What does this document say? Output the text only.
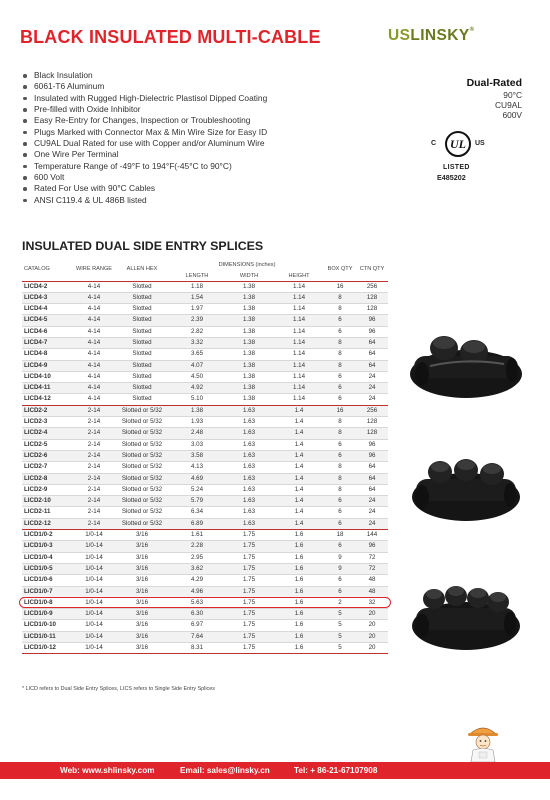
BLACK INSULATED MULTI-CABLE	USLINSKY®
Black Insulation
6061-T6 Aluminum
Insulated with Rugged High-Dielectric Plastisol Dipped Coating
Pre-filled with Oxide Inhibitor
Easy Re-Entry for Changes, Inspection or Troubleshooting
Plugs Marked with Connector Max & Min Wire Size for Easy ID
CU9AL Dual Rated for use with Copper and/or Aluminum Wire
One Wire Per Terminal
Temperature Range of -49°F to 194°F(-45°C to 90°C)
600 Volt
Rated For Use with 90°C Cables
ANSI C119.4 & UL 486B listed
Dual-Rated
90°C
CU9AL
600V
C	UL	US
LISTED
E485202
INSULATED DUAL SIDE ENTRY SPLICES
CATALOG	WIRE RANGE	ALLEN HEX	DIMENSIONS (inches)			BOX QTY	CTN QTY
			LENGTH	WIDTH	HEIGHT		
LICD4-2	4-14	Slotted	1.18	1.38	1.14	16	256
LICD4-3	4-14	Slotted	1.54	1.38	1.14	8	128
LICD4-4	4-14	Slotted	1.97	1.38	1.14	8	128
LICD4-5	4-14	Slotted	2.39	1.38	1.14	6	96
LICD4-6	4-14	Slotted	2.82	1.38	1.14	6	96
LICD4-7	4-14	Slotted	3.32	1.38	1.14	8	64
LICD4-8	4-14	Slotted	3.65	1.38	1.14	8	64
LICD4-9	4-14	Slotted	4.07	1.38	1.14	8	64
LICD4-10	4-14	Slotted	4.50	1.38	1.14	6	24
LICD4-11	4-14	Slotted	4.92	1.38	1.14	6	24
LICD4-12	4-14	Slotted	5.10	1.38	1.14	6	24
LICD2-2	2-14	Slotted or 5/32	1.38	1.63	1.4	16	256
LICD2-3	2-14	Slotted or 5/32	1.93	1.63	1.4	8	128
LICD2-4	2-14	Slotted or 5/32	2.48	1.63	1.4	8	128
LICD2-5	2-14	Slotted or 5/32	3.03	1.63	1.4	6	96
LICD2-6	2-14	Slotted or 5/32	3.58	1.63	1.4	6	96
LICD2-7	2-14	Slotted or 5/32	4.13	1.63	1.4	8	64
LICD2-8	2-14	Slotted or 5/32	4.69	1.63	1.4	8	64
LICD2-9	2-14	Slotted or 5/32	5.24	1.63	1.4	8	64
LICD2-10	2-14	Slotted or 5/32	5.79	1.63	1.4	6	24
LICD2-11	2-14	Slotted or 5/32	6.34	1.63	1.4	6	24
LICD2-12	2-14	Slotted or 5/32	6.89	1.63	1.4	6	24
LICD1/0-2	1/0-14	3/16	1.61	1.75	1.6	18	144
LICD1/0-3	1/0-14	3/16	2.28	1.75	1.6	6	96
LICD1/0-4	1/0-14	3/16	2.95	1.75	1.6	9	72
LICD1/0-5	1/0-14	3/16	3.62	1.75	1.6	9	72
LICD1/0-6	1/0-14	3/16	4.29	1.75	1.6	6	48
LICD1/0-7	1/0-14	3/16	4.96	1.75	1.6	6	48
LICD1/0-8	1/0-14	3/16	5.63	1.75	1.6	2	32
LICD1/0-9	1/0-14	3/16	6.30	1.75	1.6	5	20
LICD1/0-10	1/0-14	3/16	6.97	1.75	1.6	5	20
LICD1/0-11	1/0-14	3/16	7.64	1.75	1.6	5	20
LICD1/0-12	1/0-14	3/16	8.31	1.75	1.6	5	20
* LICD refers to Dual Side Entry Splices, LICS refers to Single Side Entry Splices
Web: www.shlinsky.com	Email: sales@linsky.cn	Tel: + 86-21-67107908
